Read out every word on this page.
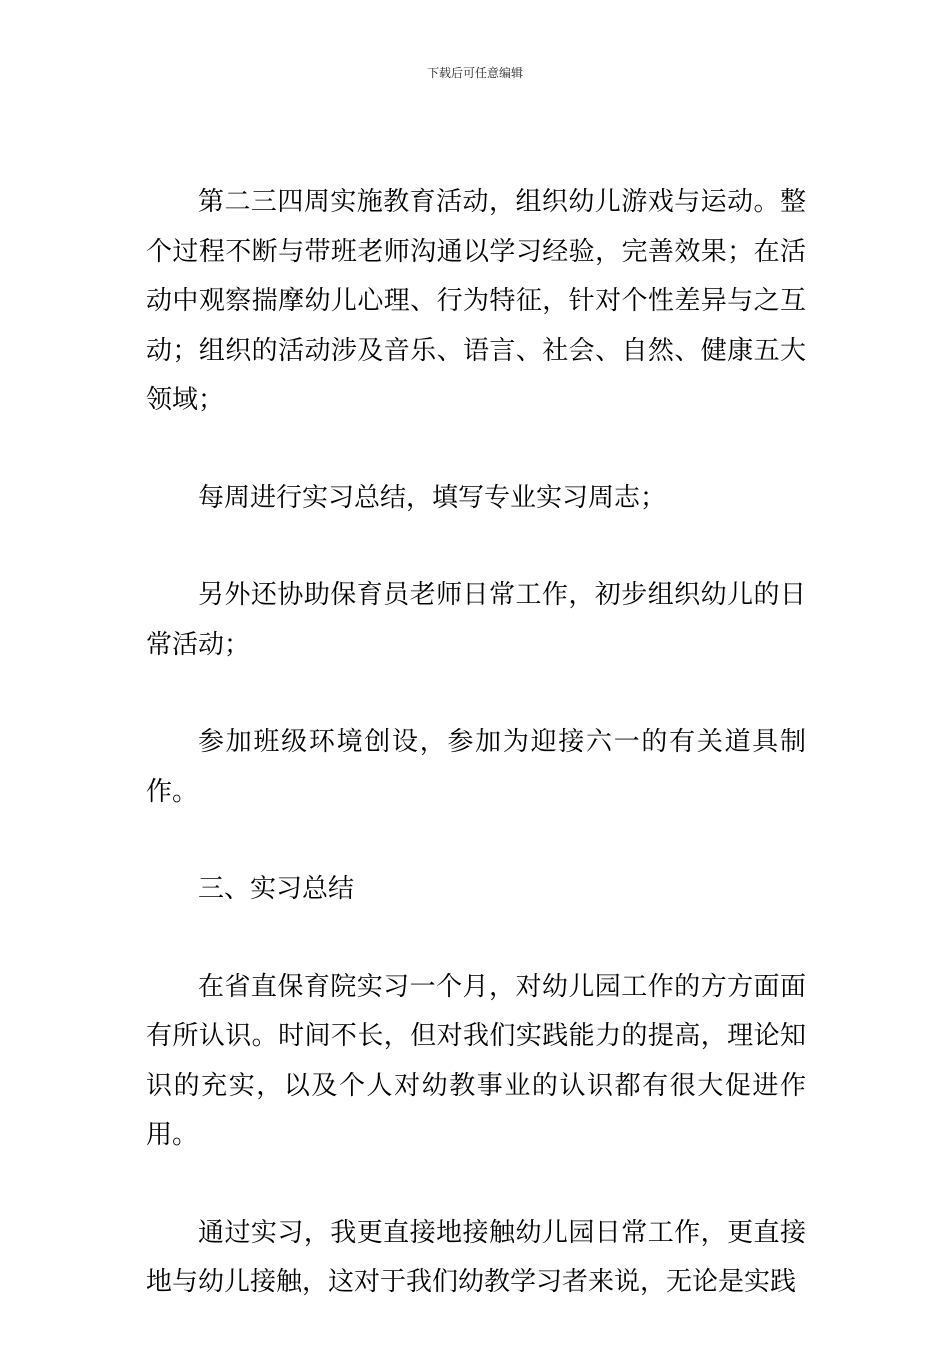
下载后可任意编辑

第二三四周实施教育活动，组织幼儿游戏与运动。整个过程不断与带班老师沟通以学习经验，完善效果；在活动中观察揣摩幼儿心理、行为特征，针对个性差异与之互动；组织的活动涉及音乐、语言、社会、自然、健康五大领域；

每周进行实习总结，填写专业实习周志；

另外还协助保育员老师日常工作，初步组织幼儿的日常活动；

参加班级环境创设，参加为迎接六一的有关道具制作。

三、实习总结

在省直保育院实习一个月，对幼儿园工作的方方面面有所认识。时间不长，但对我们实践能力的提高，理论知识的充实，以及个人对幼教事业的认识都有很大促进作用。

通过实习，我更直接地接触幼儿园日常工作，更直接地与幼儿接触，这对于我们幼教学习者来说，无论是实践
